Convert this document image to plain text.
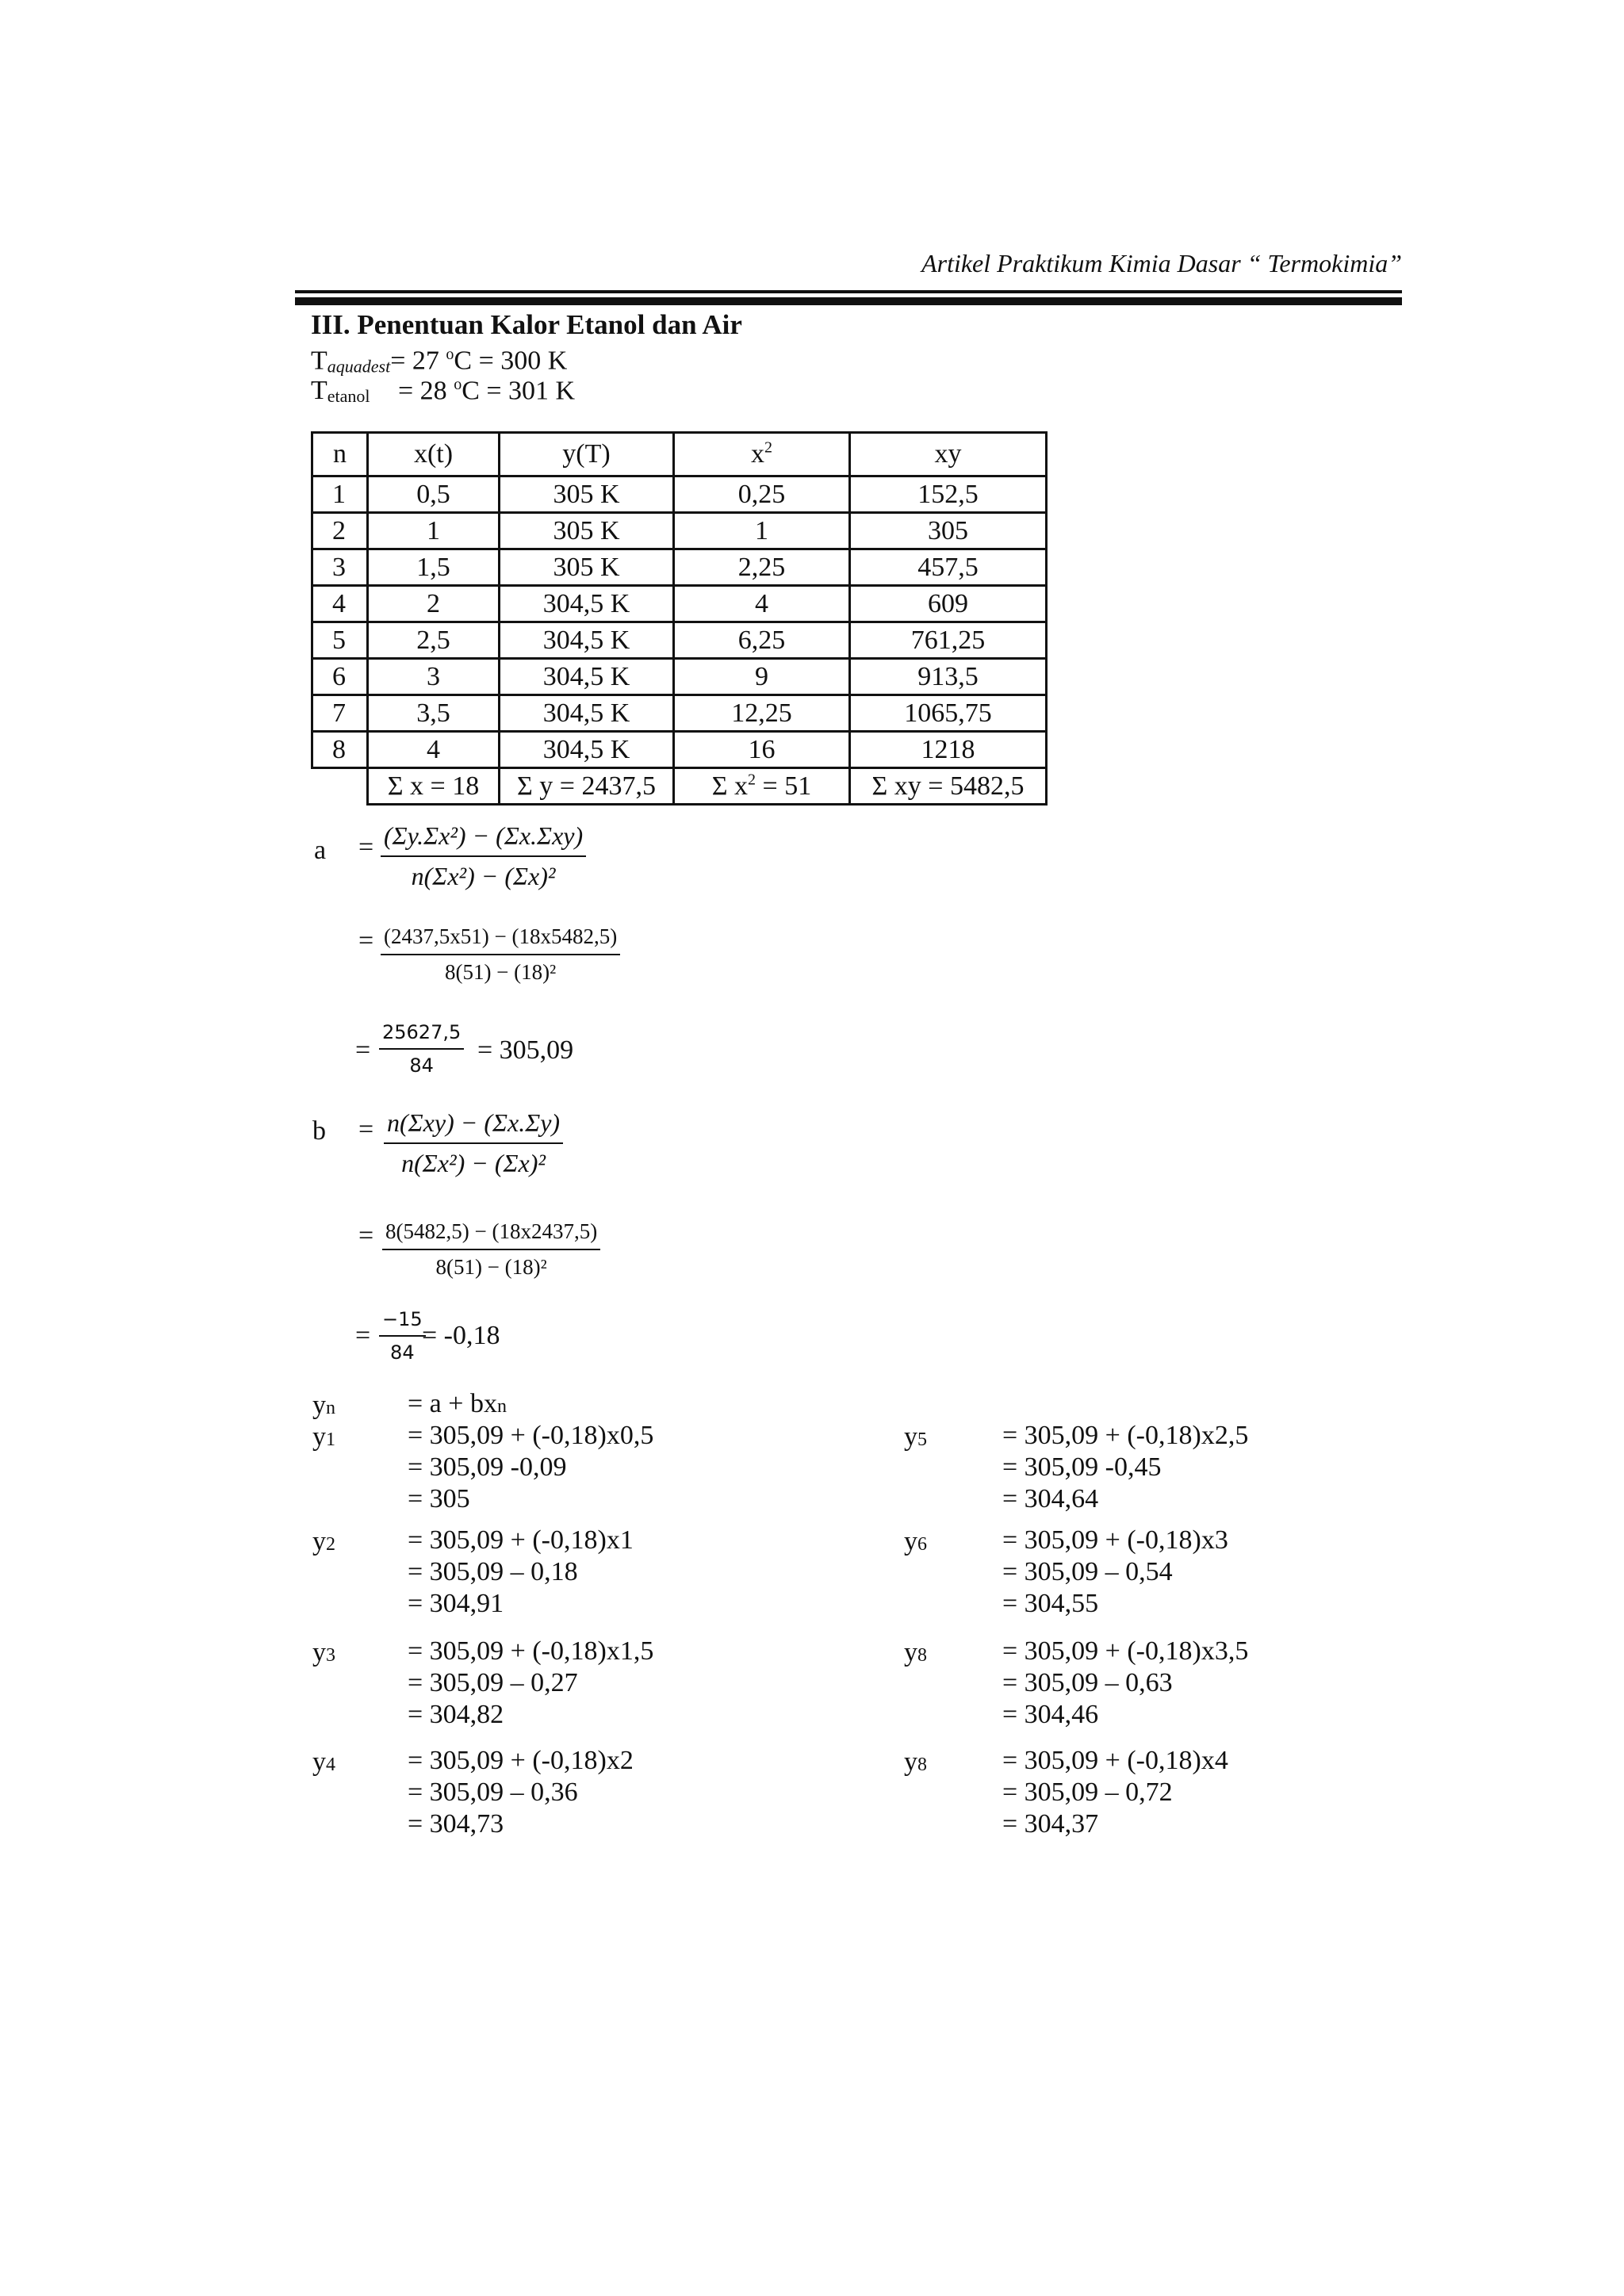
Artikel Praktikum Kimia Dasar “ Termokimia”
III. Penentuan Kalor Etanol dan Air
$T_{aquadest}= 27$ $^o$C = 300 K
$T_{etanol} = 28$ $^o$C = 301 K
n	x(t)	y(T)	$x^2$	xy
1	0,5	305 K	0,25	152,5
2	1	305 K	1	305
3	1,5	305 K	2,25	457,5
4	2	304,5 K	4	609
5	2,5	304,5 K	6,25	761,25
6	3	304,5 K	9	913,5
7	3,5	304,5 K	12,25	1065,75
8	4	304,5 K	16	1218
	Σ x = 18	Σ y = 2437,5	Σ $x^2 = 51$	Σ xy = 5482,5
a = (Σy.Σx²) − (Σx.Σxy)
n(Σx²) − (Σx)²
= $\frac{(2437,5x51) - (18x5482,5)}{\text{8(51) − (18)²}}$
= $\frac{25627,5}{84} = 305,09$
b = n(Σxy) − (Σx.Σy)
n(Σx²) − (Σx)²
= $\frac{8(5482,5) - (18x2437,5)}{\text{8(51) − (18)²}}$
= $\frac{-15}{84}$
= -0,18
yn	= a + bxn
y1	= 305,09 + (-0,18)x0,5
= 305,09 -0,09
= 305
y2	= 305,09 + (-0,18)x1
= 305,09 – 0,18
= 304,91
y3	= 305,09 + (-0,18)x1,5
= 305,09 – 0,27
= 304,82
y4	= 305,09 + (-0,18)x2
= 305,09 – 0,36
= 304,73
y5	= 305,09 + (-0,18)x2,5
= 305,09 -0,45
= 304,64
y6	= 305,09 + (-0,18)x3
= 305,09 – 0,54
= 304,55
y8	= 305,09 + (-0,18)x3,5
= 305,09 – 0,63
= 304,46
y8	= 305,09 + (-0,18)x4
= 305,09 – 0,72
= 304,37
